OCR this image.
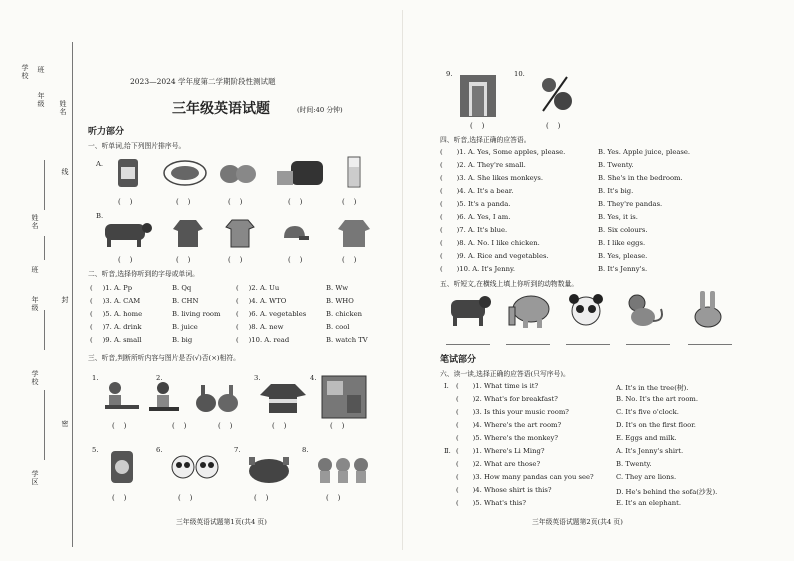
学校 班
年级 姓名
线
封
密
姓名
班
年级
学校
学区
2023—2024 学年度第二学期阶段性测试题
三年级英语试题	(时间:40 分钟)
听力部分
一、听单词,给下列图片排序号。
A.
B.
( )	( )	( )	( )	( )
( )	( )	( )	( )	( )
二、听音,选择你听到的字母或单词。
( )1. A. Pp	B. Qq	( )2. A. Uu	B. Ww
( )3. A. CAM	B. CHN	( )4. A. WTO	B. WHO
( )5. A. home	B. living room ( )6. A. vegetables	B. chicken
( )7. A. drink	B. juice	( )8. A. new	B. cool
( )9. A. small	B. big	( )10. A. read	B. watch TV
三、听音,判断所听内容与图片是否(√)否(×)相符。
1.	2.	3.	4.
( )	( )	( )	( )	( )
5.	6.	7.	8.
( )	( )	( )	( )
三年级英语试题第1页(共4 页)
9.	10.
( )	( )
四、听音,选择正确的应答语。
( )1. A. Yes, Some apples, please.	B. Yes. Apple juice, please.
( )2. A. They're small.	B. Twenty.
( )3. A. She likes monkeys.	B. She's in the bedroom.
( )4. A. It's a bear.	B. It's big.
( )5. It's a panda.	B. They're pandas.
( )6. A. Yes, I am.	B. Yes, it is.
( )7. A. It's blue.	B. Six colours.
( )8. A. No. I like chicken.	B. I like eggs.
( )9. A. Rice and vegetables.	B. Yes, please.
( )10. A. It's Jenny.	B. It's Jenny's.
五、听短文,在横线上填上你听到的动物数量。
笔试部分
六、读一读,选择正确的应答语(只写序号)。
Ⅰ. ( )1. What time is it?	A. It's in the tree(树).
( )2. What's for breakfast?	B. No. It's the art room.
( )3. Is this your music room?	C. It's five o'clock.
( )4. Where's the art room?	D. It's on the first floor.
( )5. Where's the monkey?	E. Eggs and milk.
Ⅱ. ( )1. Where's Li Ming?	A. It's Jenny's shirt.
( )2. What are those?	B. Twenty.
( )3. How many pandas can you see?	C. They are lions.
( )4. Whose shirt is this?	D. He's behind the sofa(沙发).
( )5. What's this?	E. It's an elephant.
三年级英语试题第2页(共4 页)
